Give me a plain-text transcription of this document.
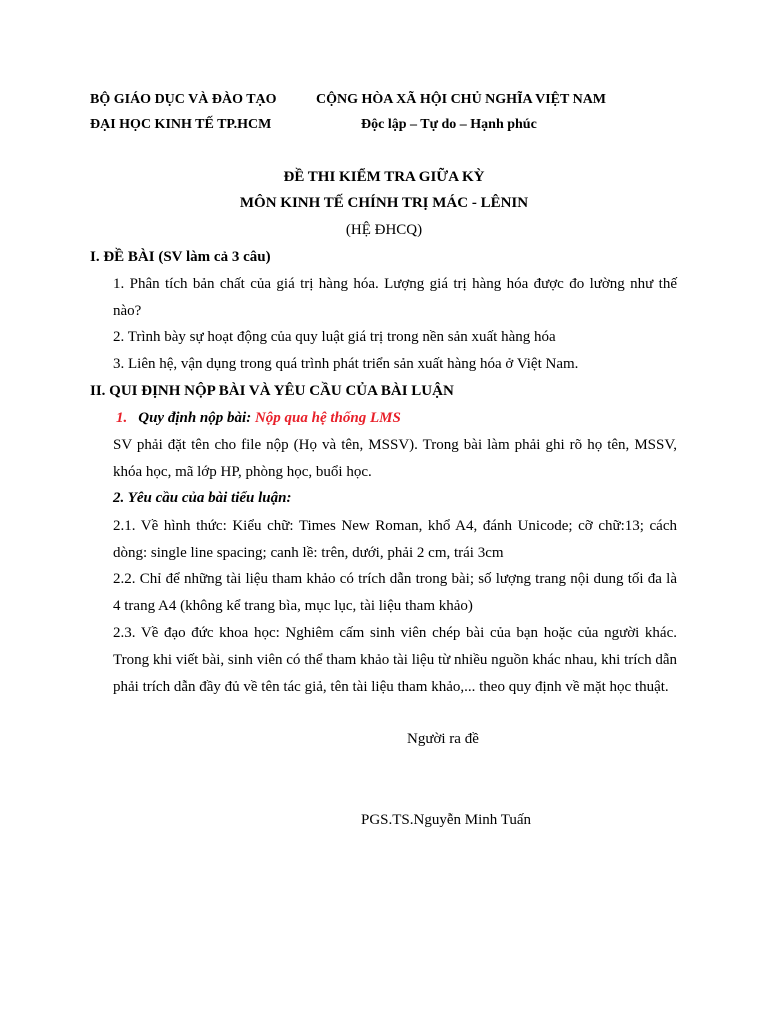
BỘ GIÁO DỤC VÀ ĐÀO TẠO
ĐẠI HỌC KINH TẾ TP.HCM
CỘNG HÒA XÃ HỘI CHỦ NGHĨA VIỆT NAM
Độc lập – Tự do – Hạnh phúc
ĐỀ THI KIỂM TRA GIỮA KỲ
MÔN KINH TẾ CHÍNH TRỊ MÁC - LÊNIN
(HỆ ĐHCQ)
I. ĐỀ BÀI (SV làm cả 3 câu)
1. Phân tích bản chất của giá trị hàng hóa. Lượng giá trị hàng hóa được đo lường như thế nào?
2. Trình bày sự hoạt động của quy luật giá trị trong nền sản xuất hàng hóa
3. Liên hệ, vận dụng trong quá trình phát triển sản xuất hàng hóa ở Việt Nam.
II. QUI ĐỊNH NỘP BÀI VÀ YÊU CẦU CỦA BÀI LUẬN
1. Quy định nộp bài: Nộp qua hệ thống LMS
SV phải đặt tên cho file nộp (Họ và tên, MSSV). Trong bài làm phải ghi rõ họ tên, MSSV, khóa học, mã lớp HP, phòng học, buổi học.
2. Yêu cầu của bài tiểu luận:
2.1. Về hình thức: Kiểu chữ: Times New Roman, khổ A4, đánh Unicode; cỡ chữ:13; cách dòng: single line spacing; canh lề: trên, dưới, phải 2 cm, trái 3cm
2.2. Chỉ để những tài liệu tham khảo có trích dẫn trong bài; số lượng trang nội dung tối đa là 4 trang A4 (không kể trang bìa, mục lục, tài liệu tham khảo)
2.3. Về đạo đức khoa học: Nghiêm cấm sinh viên chép bài của bạn hoặc của người khác. Trong khi viết bài, sinh viên có thể tham khảo tài liệu từ nhiều nguồn khác nhau, khi trích dẫn phải trích dẫn đầy đủ về tên tác giả, tên tài liệu tham khảo,... theo quy định về mặt học thuật.
Người ra đề
PGS.TS.Nguyễn Minh Tuấn
